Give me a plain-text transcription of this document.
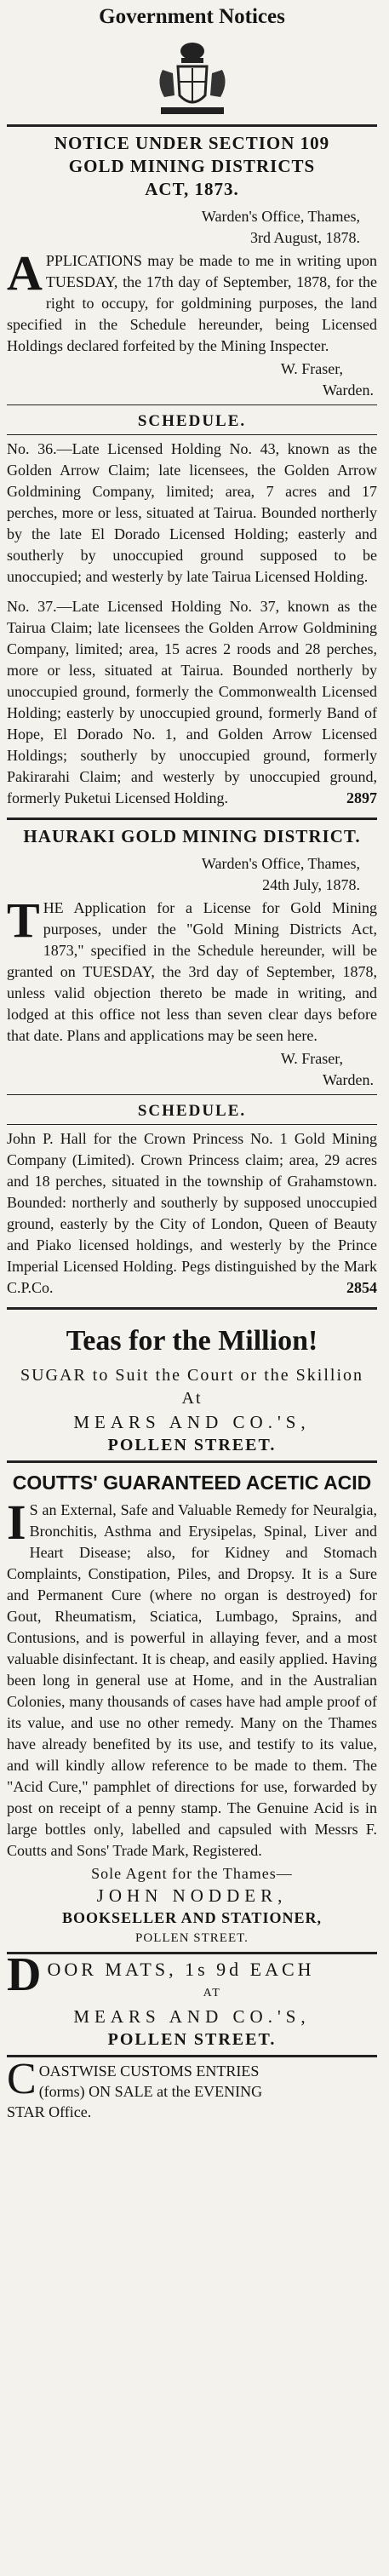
Government Notices
NOTICE UNDER SECTION 109
GOLD MINING DISTRICTS
ACT, 1873.
Warden's Office, Thames,
3rd August, 1878.
A PPLICATIONS may be made to me in writing upon TUESDAY, the 17th day of September, 1878, for the right to occupy, for goldmining purposes, the land specified in the Schedule hereunder, being Licensed Holdings declared forfeited by the Mining Inspecter.
W. Fraser,
Warden.
SCHEDULE.
No. 36.—Late Licensed Holding No. 43, known as the Golden Arrow Claim; late licensees, the Golden Arrow Goldmining Company, limited; area, 7 acres and 17 perches, more or less, situated at Tairua. Bounded northerly by the late El Dorado Licensed Holding; easterly and southerly by unoccupied ground supposed to be unoccupied; and westerly by late Tairua Licensed Holding.
No. 37.—Late Licensed Holding No. 37, known as the Tairua Claim; late licensees the Golden Arrow Goldmining Company, limited; area, 15 acres 2 roods and 28 perches, more or less, situated at Tairua. Bounded northerly by unoccupied ground, formerly the Commonwealth Licensed Holding; easterly by unoccupied ground, formerly Band of Hope, El Dorado No. 1, and Golden Arrow Licensed Holdings; southerly by unoccupied ground, formerly Pakirarahi Claim; and westerly by unoccupied ground, formerly Puketui Licensed Holding.	2897
HAURAKI GOLD MINING DISTRICT.
Warden's Office, Thames,
24th July, 1878.
T HE Application for a License for Gold Mining purposes, under the "Gold Mining Districts Act, 1873," specified in the Schedule hereunder, will be granted on TUESDAY, the 3rd day of September, 1878, unless valid objection thereto be made in writing, and lodged at this office not less than seven clear days before that date. Plans and applications may be seen here.
W. Fraser,
Warden.
SCHEDULE.
John P. Hall for the Crown Princess No. 1 Gold Mining Company (Limited). Crown Princess claim; area, 29 acres and 18 perches, situated in the township of Grahamstown. Bounded: northerly and southerly by supposed unoccupied ground, easterly by the City of London, Queen of Beauty and Piako licensed holdings, and westerly by the Prince Imperial Licensed Holding. Pegs distinguished by the Mark C.P.Co.	2854
Teas for the Million!
SUGAR to Suit the Court or the Skillion
At
MEARS AND CO.'S,
POLLEN STREET.
COUTTS' GUARANTEED ACETIC ACID
I S an External, Safe and Valuable Remedy for Neuralgia, Bronchitis, Asthma and Erysipelas, Spinal, Liver and Heart Disease; also, for Kidney and Stomach Complaints, Constipation, Piles, and Dropsy. It is a Sure and Permanent Cure (where no organ is destroyed) for Gout, Rheumatism, Sciatica, Lumbago, Sprains, and Contusions, and is powerful in allaying fever, and a most valuable disinfectant. It is cheap, and easily applied. Having been long in general use at Home, and in the Australian Colonies, many thousands of cases have had ample proof of its value, and use no other remedy. Many on the Thames have already benefited by its use, and testify to its value, and will kindly allow reference to be made to them. The "Acid Cure," pamphlet of directions for use, forwarded by post on receipt of a penny stamp. The Genuine Acid is in large bottles only, labelled and capsuled with Messrs F. Coutts and Sons' Trade Mark, Registered.
Sole Agent for the Thames—
JOHN NODDER,
BOOKSELLER AND STATIONER,
POLLEN STREET.
D OOR MATS, 1s 9d EACH
AT
MEARS AND CO.'S,
POLLEN STREET.
C OASTWISE CUSTOMS ENTRIES
(forms) ON SALE at the EVENING
STAR Office.
